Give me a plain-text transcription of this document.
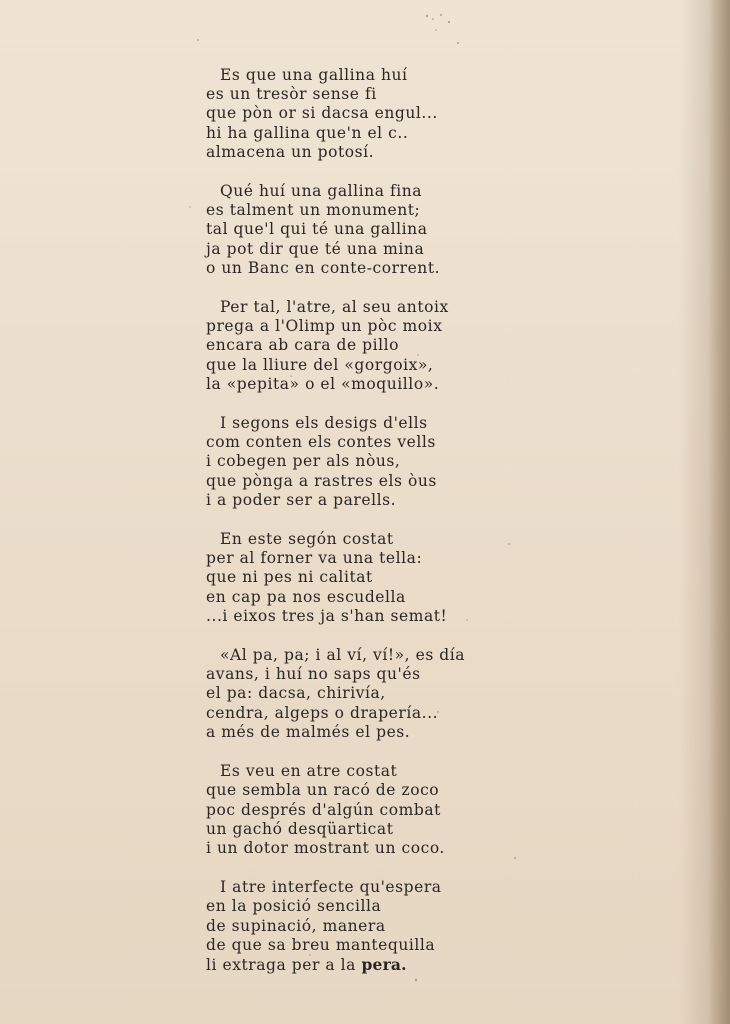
Es que una gallina huí
es un tresòr sense fi
que pòn or si dacsa engul...
hi ha gallina que'n el c..
almacena un potosí.
Qué huí una gallina fina
es talment un monument;
tal que'l qui té una gallina
ja pot dir que té una mina
o un Banc en conte-corrent.
Per tal, l'atre, al seu antoix
prega a l'Olimp un pòc moix
encara ab cara de pillo
que la lliure del «gorgoix»,
la «pepita» o el «moquillo».
I segons els desigs d'ells
com conten els contes vells
i cobegen per als nòus,
que pònga a rastres els òus
i a poder ser a parells.
En este segón costat
per al forner va una tella:
que ni pes ni calitat
en cap pa nos escudella
...i eixos tres ja s'han semat!
«Al pa, pa; i al ví, ví!», es día
avans, i huí no saps qu'és
el pa: dacsa, chirivía,
cendra, algeps o drapería...
a més de malmés el pes.
Es veu en atre costat
que sembla un racó de zoco
poc després d'algún combat
un gachó desqüarticat
i un dotor mostrant un coco.
I atre interfecte qu'espera
en la posició sencilla
de supinació, manera
de que sa breu mantequilla
li extraga per a la pera.
